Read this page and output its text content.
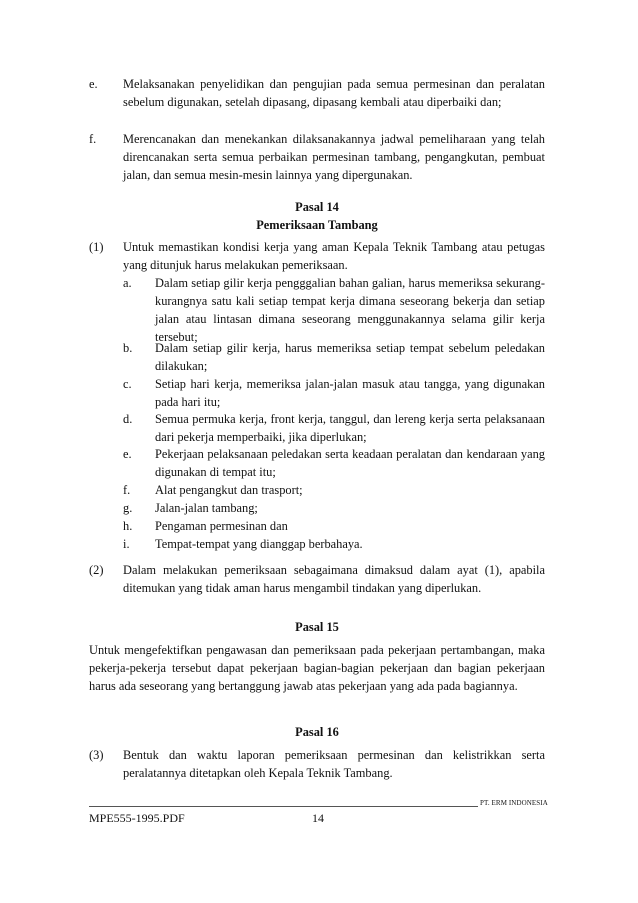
e. Melaksanakan penyelidikan dan pengujian pada semua permesinan dan peralatan sebelum digunakan, setelah dipasang, dipasang kembali atau diperbaiki dan;
f. Merencanakan dan menekankan dilaksanakannya jadwal pemeliharaan yang telah direncanakan serta semua perbaikan permesinan tambang, pengangkutan, pembuat jalan, dan semua mesin-mesin lainnya yang dipergunakan.
Pasal 14
Pemeriksaan Tambang
(1) Untuk memastikan kondisi kerja yang aman Kepala Teknik Tambang atau petugas yang ditunjuk harus melakukan pemeriksaan.
a. Dalam setiap gilir kerja pengggalian bahan galian, harus memeriksa sekurang-kurangnya satu kali setiap tempat kerja dimana seseorang bekerja dan setiap jalan atau lintasan dimana seseorang menggunakannya selama gilir kerja tersebut;
b. Dalam setiap gilir kerja, harus memeriksa setiap tempat sebelum peledakan dilakukan;
c. Setiap hari kerja, memeriksa jalan-jalan masuk atau tangga, yang digunakan pada hari itu;
d. Semua permuka kerja, front kerja, tanggul, dan lereng kerja serta pelaksanaan dari pekerja memperbaiki, jika diperlukan;
e. Pekerjaan pelaksanaan peledakan serta keadaan peralatan dan kendaraan yang digunakan di tempat itu;
f. Alat pengangkut dan trasport;
g. Jalan-jalan tambang;
h. Pengaman permesinan dan
i. Tempat-tempat yang dianggap berbahaya.
(2) Dalam melakukan pemeriksaan sebagaimana dimaksud dalam ayat (1), apabila ditemukan yang tidak aman harus mengambil tindakan yang diperlukan.
Pasal 15
Untuk mengefektifkan pengawasan dan pemeriksaan pada pekerjaan pertambangan, maka pekerja-pekerja tersebut dapat pekerjaan bagian-bagian pekerjaan dan bagian pekerjaan harus ada seseorang yang bertanggung jawab atas pekerjaan yang ada pada bagiannya.
Pasal 16
(3) Bentuk dan waktu laporan pemeriksaan permesinan dan kelistrikkan serta peralatannya ditetapkan oleh Kepala Teknik Tambang.
PT. ERM INDONESIA
MPE555-1995.PDF	14
